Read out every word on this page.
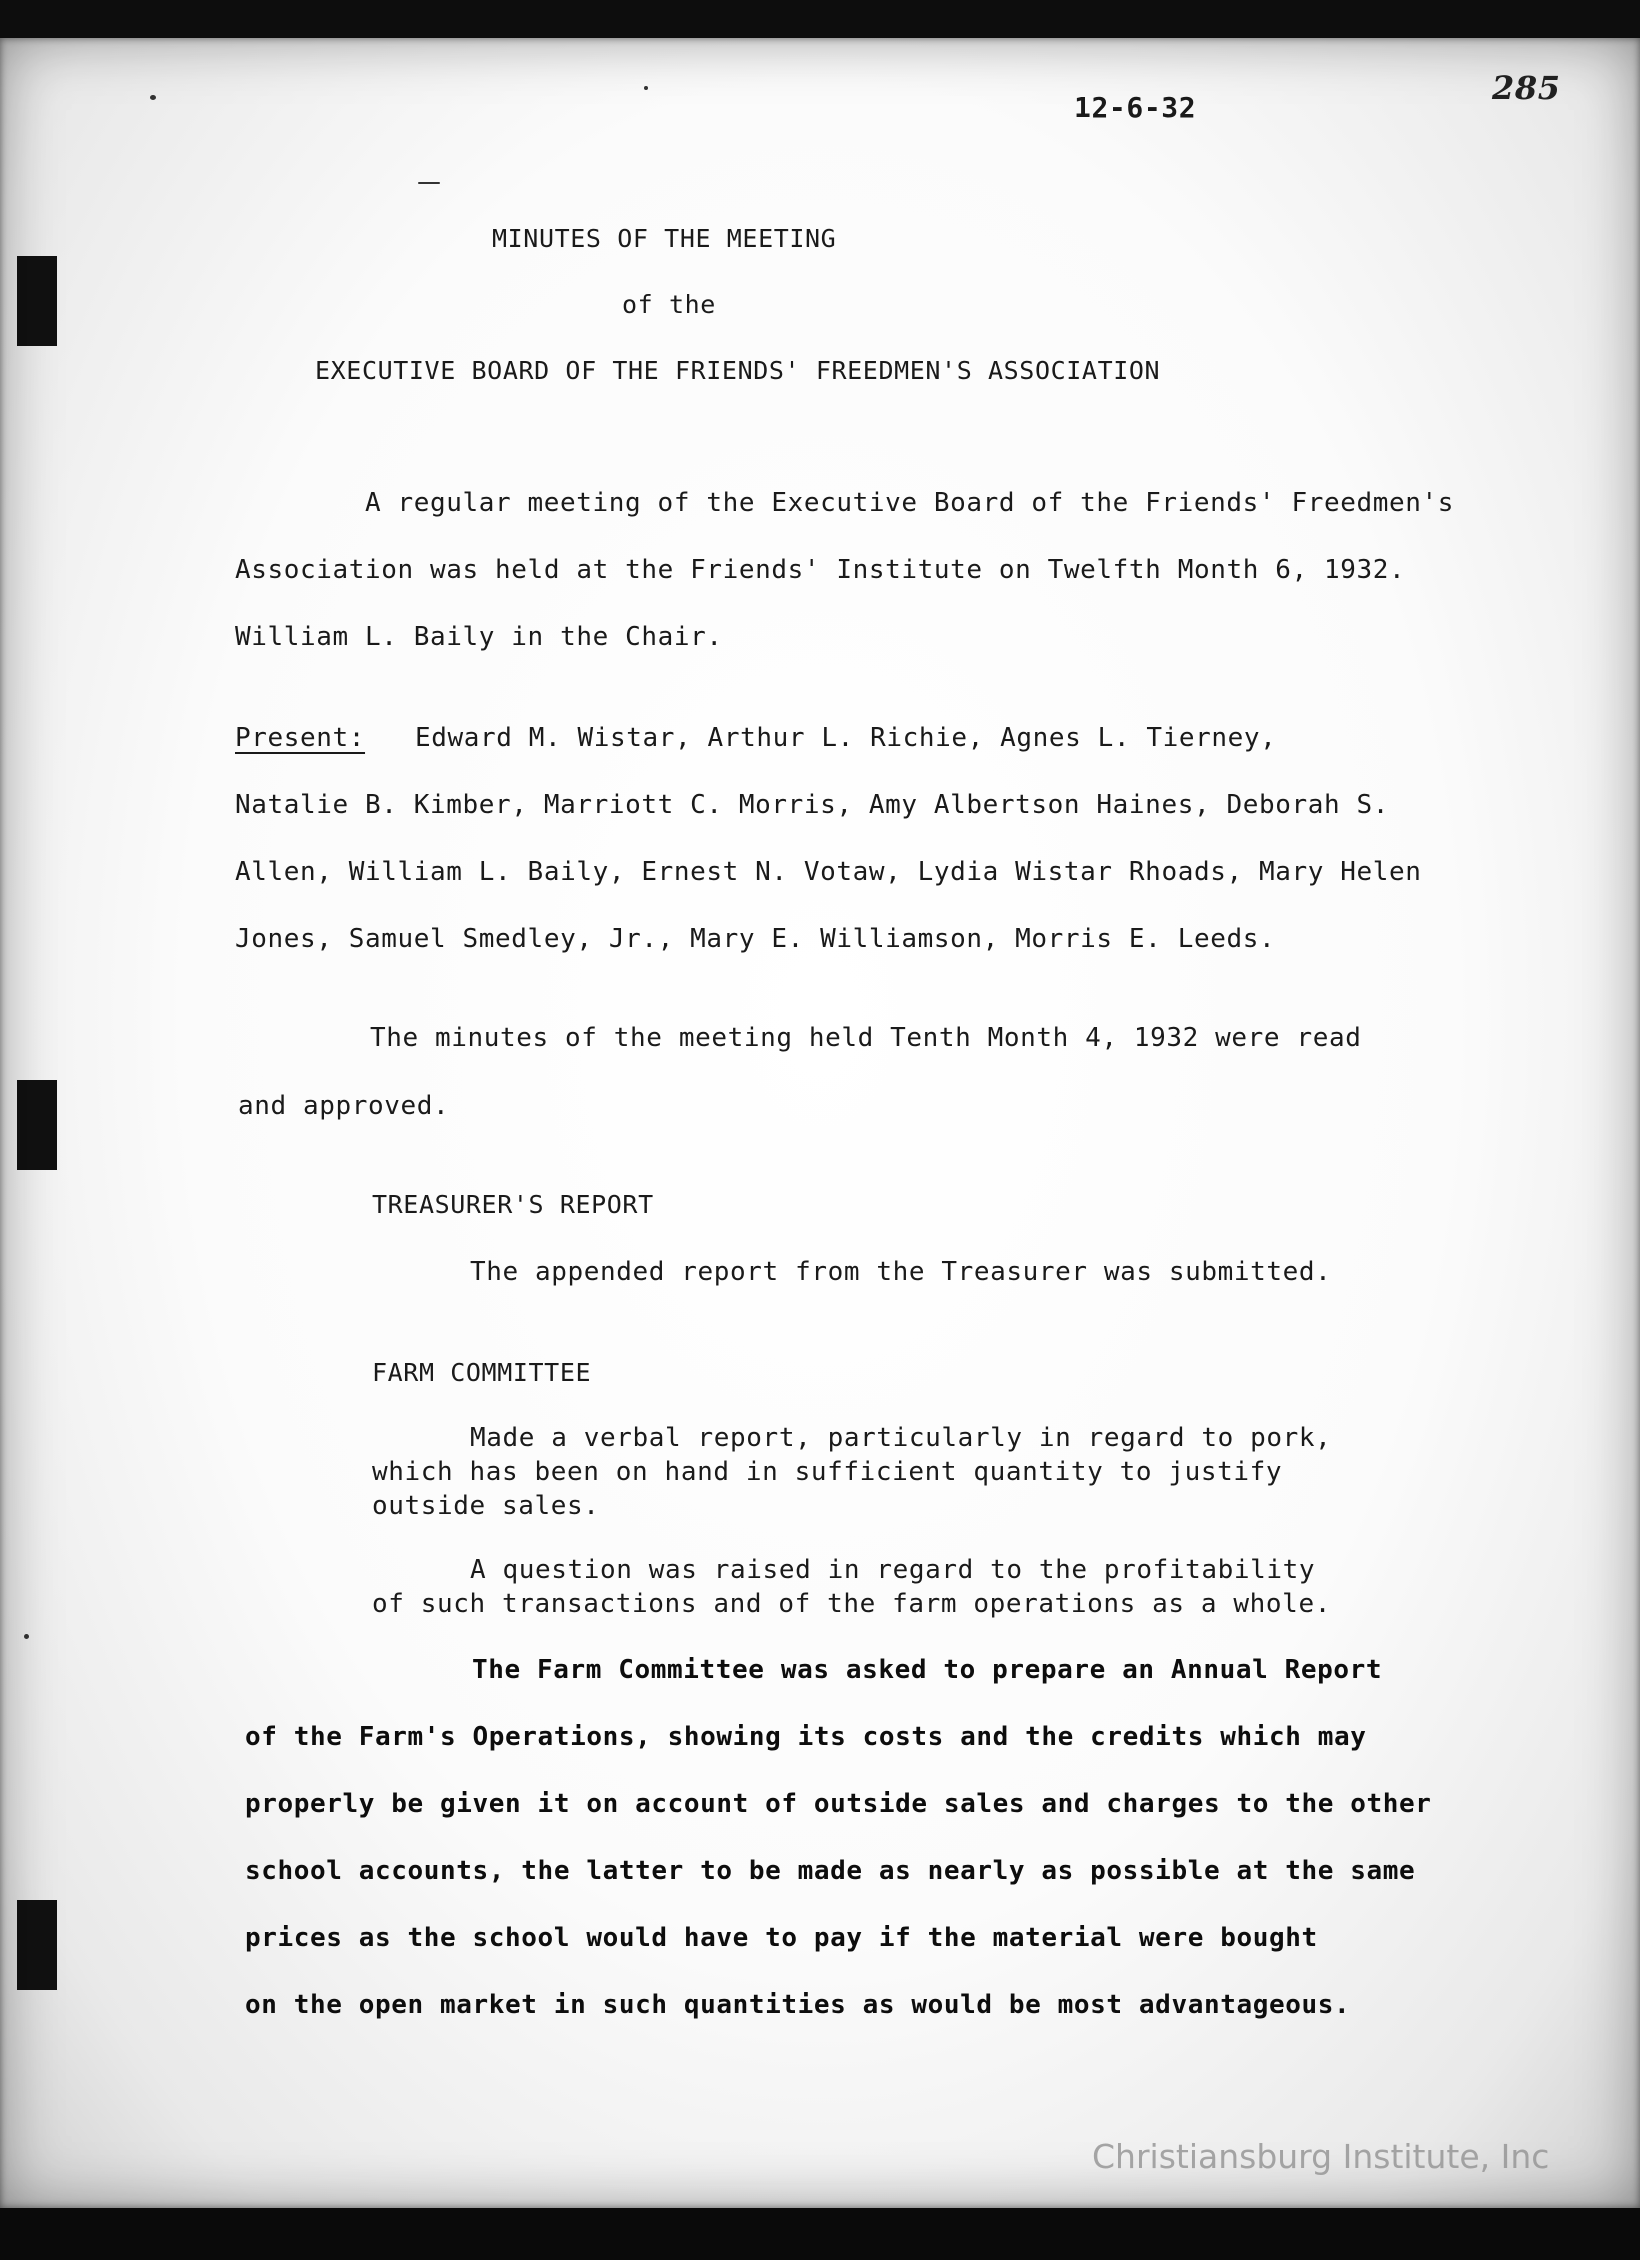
12-6-32
285
MINUTES OF THE MEETING
of the
EXECUTIVE BOARD OF THE FRIENDS' FREEDMEN'S ASSOCIATION
A regular meeting of the Executive Board of the Friends' Freedmen's
Association was held at the Friends' Institute on Twelfth Month 6, 1932.
William L. Baily in the Chair.
Present: Edward M. Wistar, Arthur L. Richie, Agnes L. Tierney,
Natalie B. Kimber, Marriott C. Morris, Amy Albertson Haines, Deborah S.
Allen, William L. Baily, Ernest N. Votaw, Lydia Wistar Rhoads, Mary Helen
Jones, Samuel Smedley, Jr., Mary E. Williamson, Morris E. Leeds.
The minutes of the meeting held Tenth Month 4, 1932 were read
and approved.
TREASURER'S REPORT
The appended report from the Treasurer was submitted.
FARM COMMITTEE
Made a verbal report, particularly in regard to pork,
which has been on hand in sufficient quantity to justify
outside sales.
A question was raised in regard to the profitability
of such transactions and of the farm operations as a whole.
The Farm Committee was asked to prepare an Annual Report
of the Farm's Operations, showing its costs and the credits which may
properly be given it on account of outside sales and charges to the other
school accounts, the latter to be made as nearly as possible at the same
prices as the school would have to pay if the material were bought
on the open market in such quantities as would be most advantageous.
Christiansburg Institute, Inc
